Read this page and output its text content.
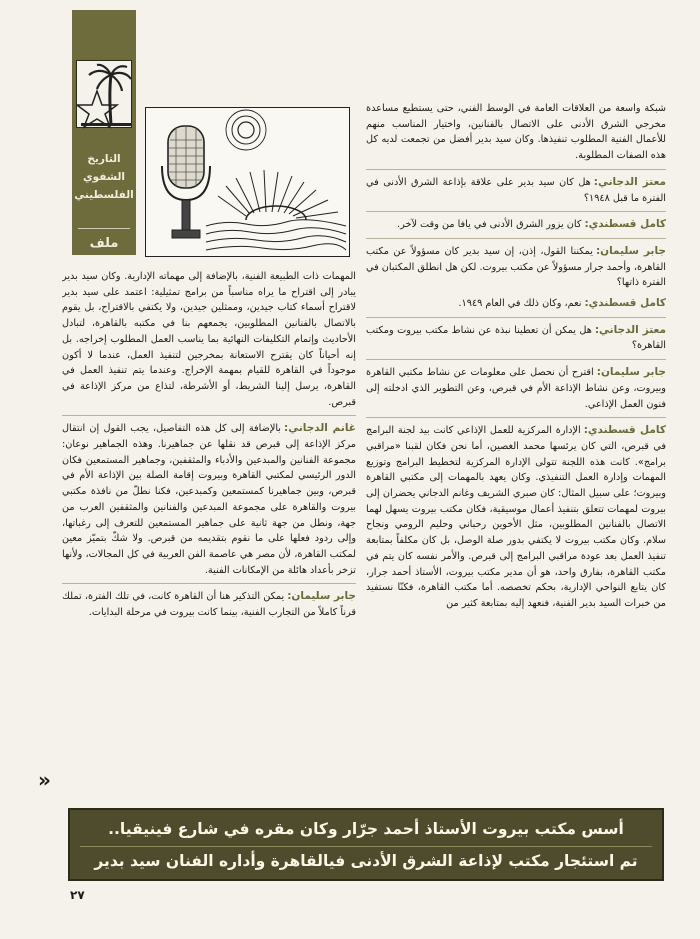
التاريخ
الشفوي
الفلسطيني
ملف

المهمات ذات الطبيعة الفنية، بالإضافة إلى مهماته الإدارية. وكان سيد بدير يبادر إلى اقتراح ما يراه مناسباً من برامج تمثيلية: اعتمد على سيد بدير لاقتراح أسماء كتاب جيدين، وممثلين جيدين، ولا يكتفي بالاقتراح، بل يقوم بالاتصال بالفنانين المطلوبين، يجمعهم بنا في مكتبه بالقاهرة، لتبادل الأحاديث وإتمام التكليفات النهائية بما يناسب العمل المطلوب إخراجه. بل إنه أحياناً كان يقترح الاستعانة بمخرجين لتنفيذ العمل، عندما لا أكون موجوداً في القاهرة للقيام بمهمة الإخراج. وعندما يتم تنفيذ العمل في القاهرة، يرسل إلينا الشريط، أو الأشرطة، لتذاع من مركز الإذاعة في قبرص.

غانم الدجاني:بالإضافة إلى كل هذه التفاصيل، يجب القول إن انتقال مركز الإذاعة إلى قبرص قد نقلها عن جماهيرنا. وهذه الجماهير نوعان: مجموعة الفنانين والمبدعين والأدباء والمثقفين، وجماهير المستمعين فكان الدور الرئيسي لمكتبي القاهرة وبيروت إقامة الصلة بين الإذاعة الأم في قبرص، وبين جماهيرنا كمستمعين وكمبدعين، فكنا نطلّ من نافذة مكتبي بيروت والقاهرة على مجموعة المبدعين والفنانين والمثقفين العرب من جهة، ونطل من جهة ثانية على جماهير المستمعين للتعرف إلى رغباتها، وإلى ردود فعلها على ما نقوم بتقديمه من قبرص. ولا شكّ بتميّز معين لمكتب القاهرة، لأن مصر هي عاصمة الفن العربية في كل المجالات، ولأنها تزخر بأعداد هائلة من الإمكانات الفنية.

جابر سليمان:يمكن التذكير هنا أن القاهرة كانت، في تلك الفترة، تملك قرناً كاملاً من التجارب الفنية، بينما كانت بيروت في مرحلة البدايات.

شبكة واسعة من العلاقات العامة في الوسط الفني، حتى يستطيع مساعدة مخرجي الشرق الأدنى على الاتصال بالفنانين، واختيار المناسب منهم للأعمال الفنية المطلوب تنفيذها. وكان سيد بدير أفضل من تجمعت لديه كل هذه الصفات المطلوبة.

معتز الدجاني:هل كان سيد بدير على علاقة بإذاعة الشرق الأدنى في الفترة ما قبل ١٩٤٨؟

كامل قسطندي:كان يزور الشرق الأدنى في يافا من وقت لآخر.

جابر سليمان:يمكننا القول، إذن، إن سيد بدير كان مسؤولاً عن مكتب القاهرة، وأحمد جرار مسؤولاً عن مكتب بيروت. لكن هل انطلق المكتبان في الفترة ذاتها؟

كامل قسطندي:نعم، وكان ذلك في العام ١٩٤٩.

معتز الدجاني:هل يمكن أن تعطينا نبذة عن نشاط مكتب بيروت ومكتب القاهرة؟

جابر سليمان:اقترح أن نحصل على معلومات عن نشاط مكتبي القاهرة وبيروت، وعن نشاط الإذاعة الأم في قبرص، وعن التطوير الذي ادخلته إلى فنون العمل الإذاعي.

كامل قسطندي:الإدارة المركزية للعمل الإذاعي كانت بيد لجنة البرامج في قبرص، التي كان يرئسها محمد الغصين، أما نحن فكان لقبنا «مراقبي برامج». كانت هذه اللجنة تتولى الإدارة المركزية لتخطيط البرامج وتوزيع المهمات وإدارة العمل التنفيذي. وكان يعهد بالمهمات إلى مكتبي القاهرة وبيروت؛ على سبيل المثال: كان صبري الشريف وغانم الدجاني يحضران إلى بيروت لمهمات تتعلق بتنفيذ أعمال موسيقية، فكان مكتب بيروت يسهل لهما الاتصال بالفنانين المطلوبين، مثل الأخوين رحباني وحليم الرومي ونجاح سلام. وكان مكتب بيروت لا يكتفي بدور صلة الوصل، بل كان مكلفاً بمتابعة تنفيذ العمل بعد عودة مراقبي البرامج إلى قبرص. والأمر نفسه كان يتم في مكتب القاهرة، بفارق واحد، هو أن مدير مكتب بيروت، الأستاذ أحمد جرار، كان يتابع النواحي الإدارية، بحكم تخصصه. أما مكتب القاهرة، فكنّا نستفيد من خبرات السيد بدير الفنية، فنعهد إليه بمتابعة كثير من

»
أسس مكتب بيروت الأستاذ أحمد جرّار وكان مقره في شارع فينيقيا..
تم استئجار مكتب لإذاعة الشرق الأدنى فيالقاهرة وأداره الفنان سيد بدير
٢٧
